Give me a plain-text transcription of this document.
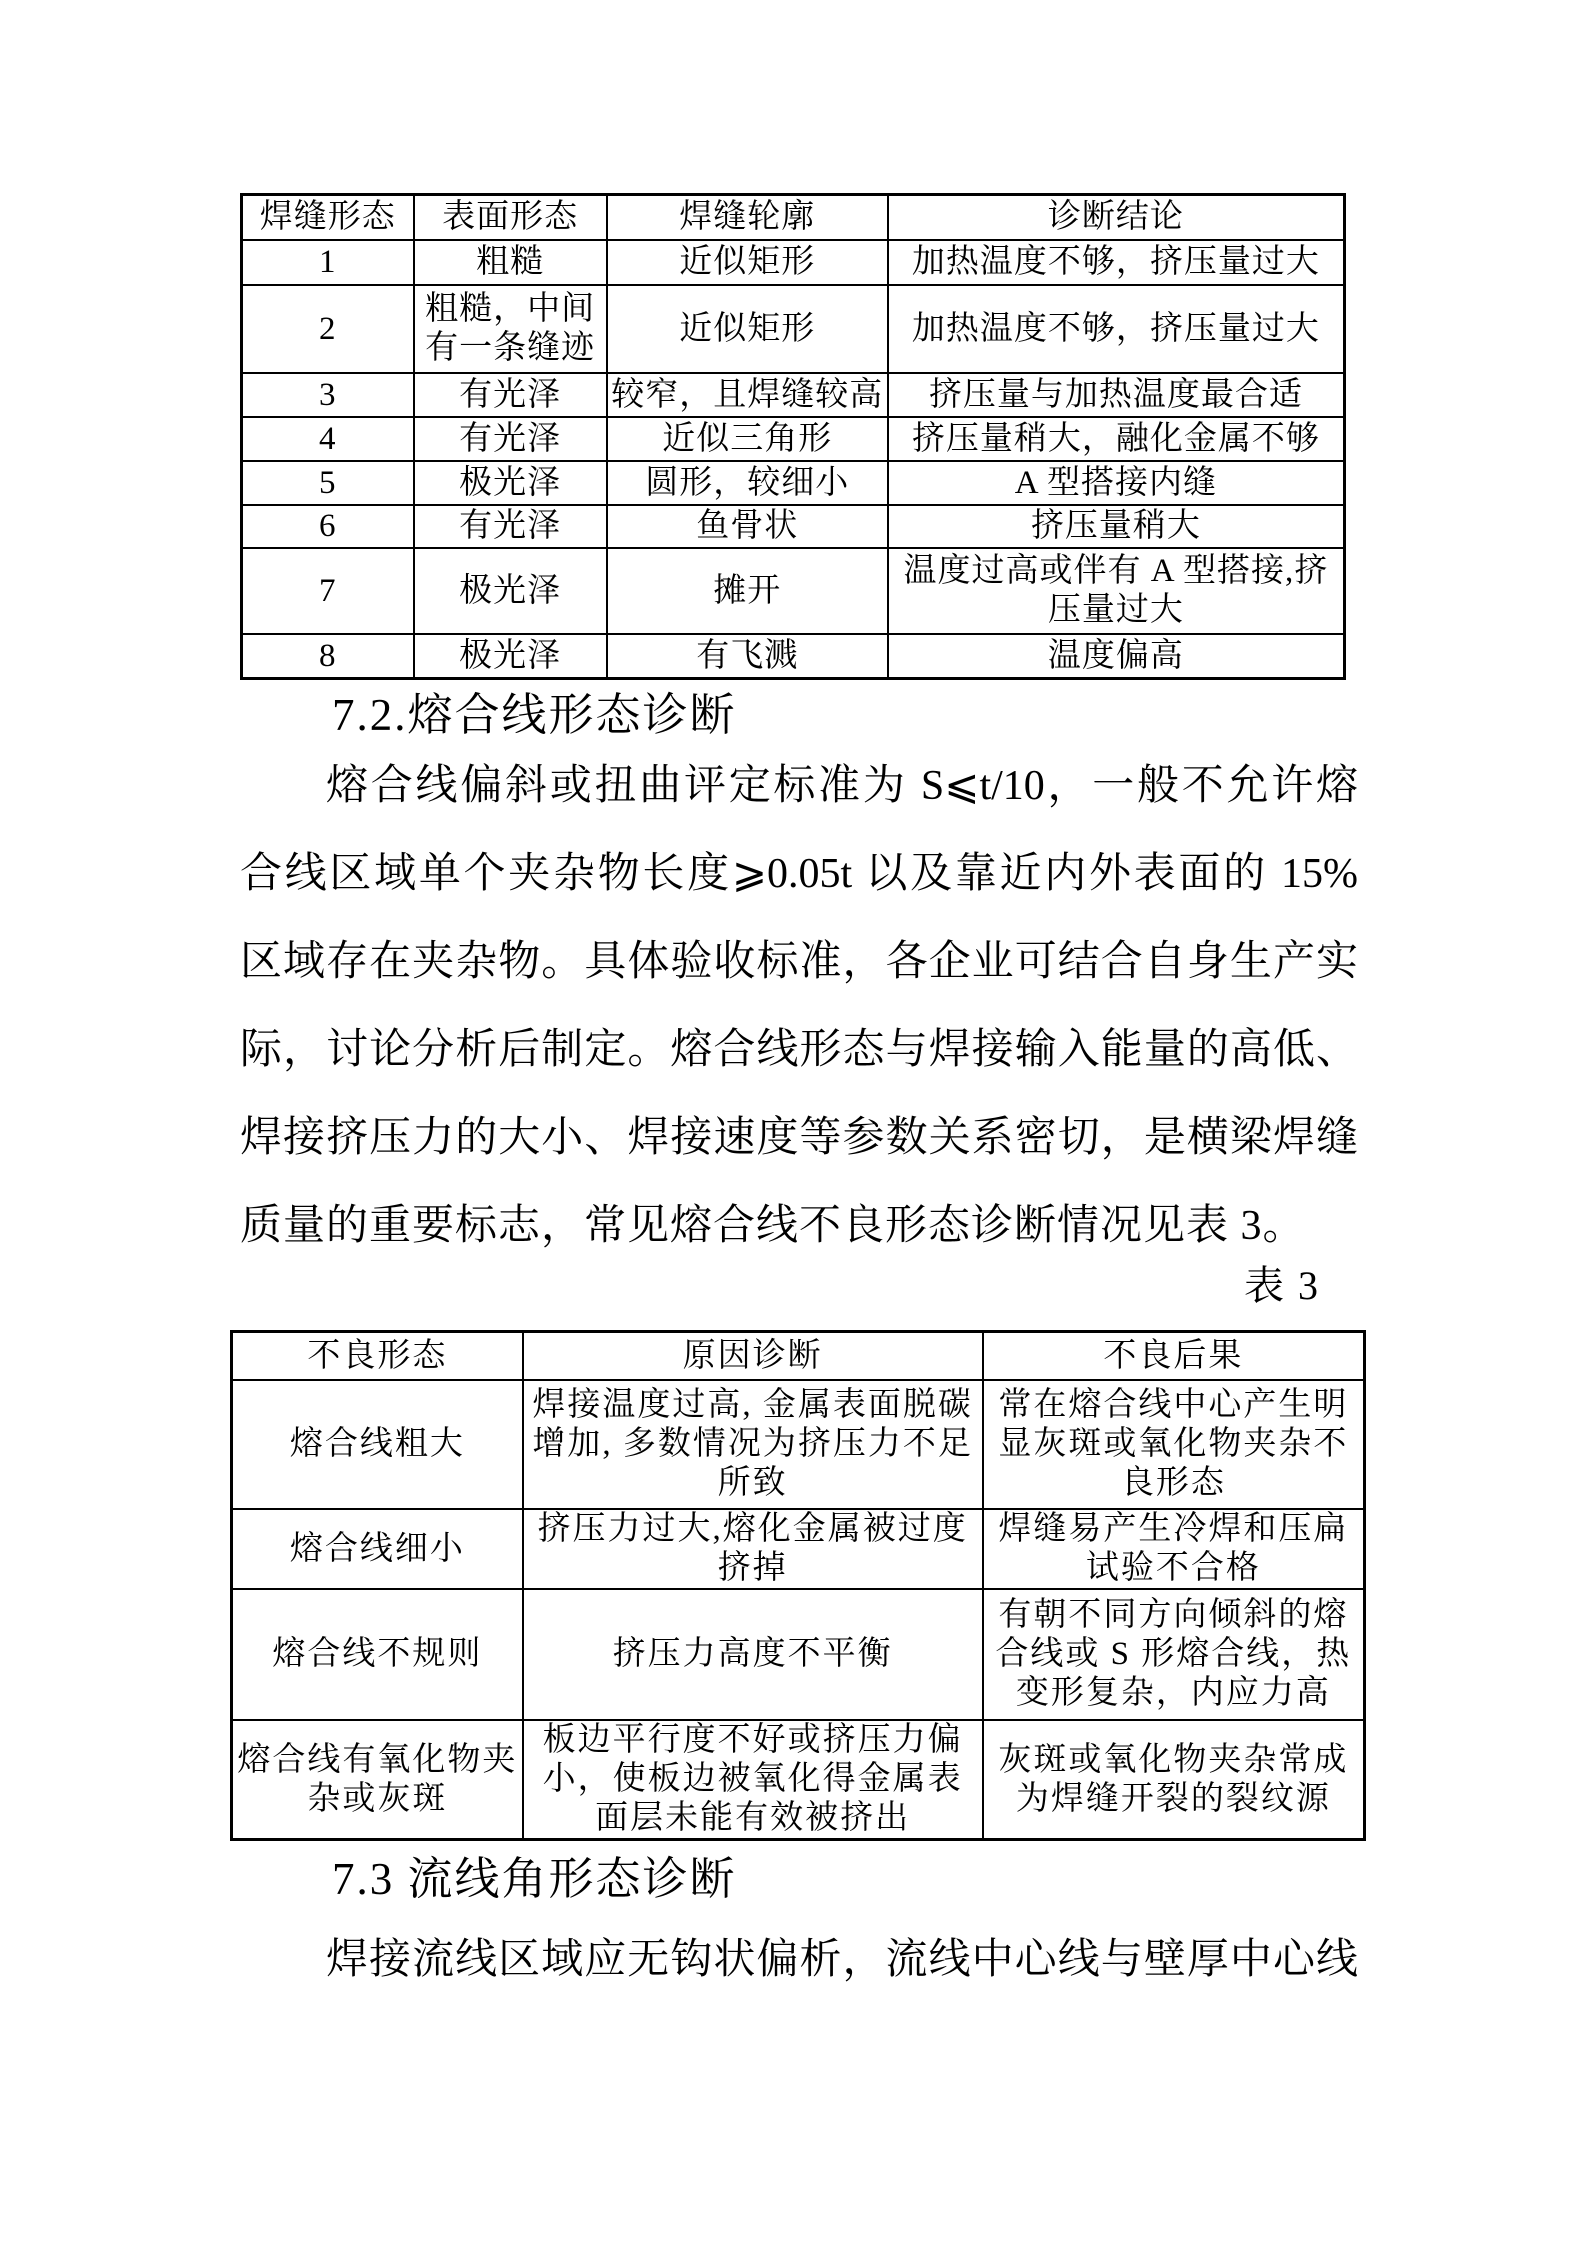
焊缝形态	表面形态	焊缝轮廓	诊断结论
1	粗糙	近似矩形	加热温度不够，挤压量过大
2	粗糙，中间有一条缝迹	近似矩形	加热温度不够，挤压量过大
3	有光泽	较窄，且焊缝较高	挤压量与加热温度最合适
4	有光泽	近似三角形	挤压量稍大，融化金属不够
5	极光泽	圆形，较细小	A 型搭接内缝
6	有光泽	鱼骨状	挤压量稍大
7	极光泽	摊开	温度过高或伴有 A 型搭接,挤压量过大
8	极光泽	有飞溅	温度偏高
7.2.熔合线形态诊断
熔合线偏斜或扭曲评定标准为 S⩽t/10，一般不允许熔
合线区域单个夹杂物长度⩾0.05t 以及靠近内外表面的 15%
区域存在夹杂物。具体验收标准，各企业可结合自身生产实
际，讨论分析后制定。熔合线形态与焊接输入能量的高低、
焊接挤压力的大小、焊接速度等参数关系密切，是横梁焊缝
质量的重要标志，常见熔合线不良形态诊断情况见表 3。
表 3
不良形态	原因诊断	不良后果
熔合线粗大	焊接温度过高, 金属表面脱碳增加, 多数情况为挤压力不足所致	常在熔合线中心产生明显灰斑或氧化物夹杂不良形态
熔合线细小	挤压力过大,熔化金属被过度挤掉	焊缝易产生冷焊和压扁试验不合格
熔合线不规则	挤压力高度不平衡	有朝不同方向倾斜的熔合线或 S 形熔合线，热变形复杂，内应力高
熔合线有氧化物夹杂或灰斑	板边平行度不好或挤压力偏小，使板边被氧化得金属表面层未能有效被挤出	灰斑或氧化物夹杂常成为焊缝开裂的裂纹源
7.3 流线角形态诊断
焊接流线区域应无钩状偏析，流线中心线与壁厚中心线
